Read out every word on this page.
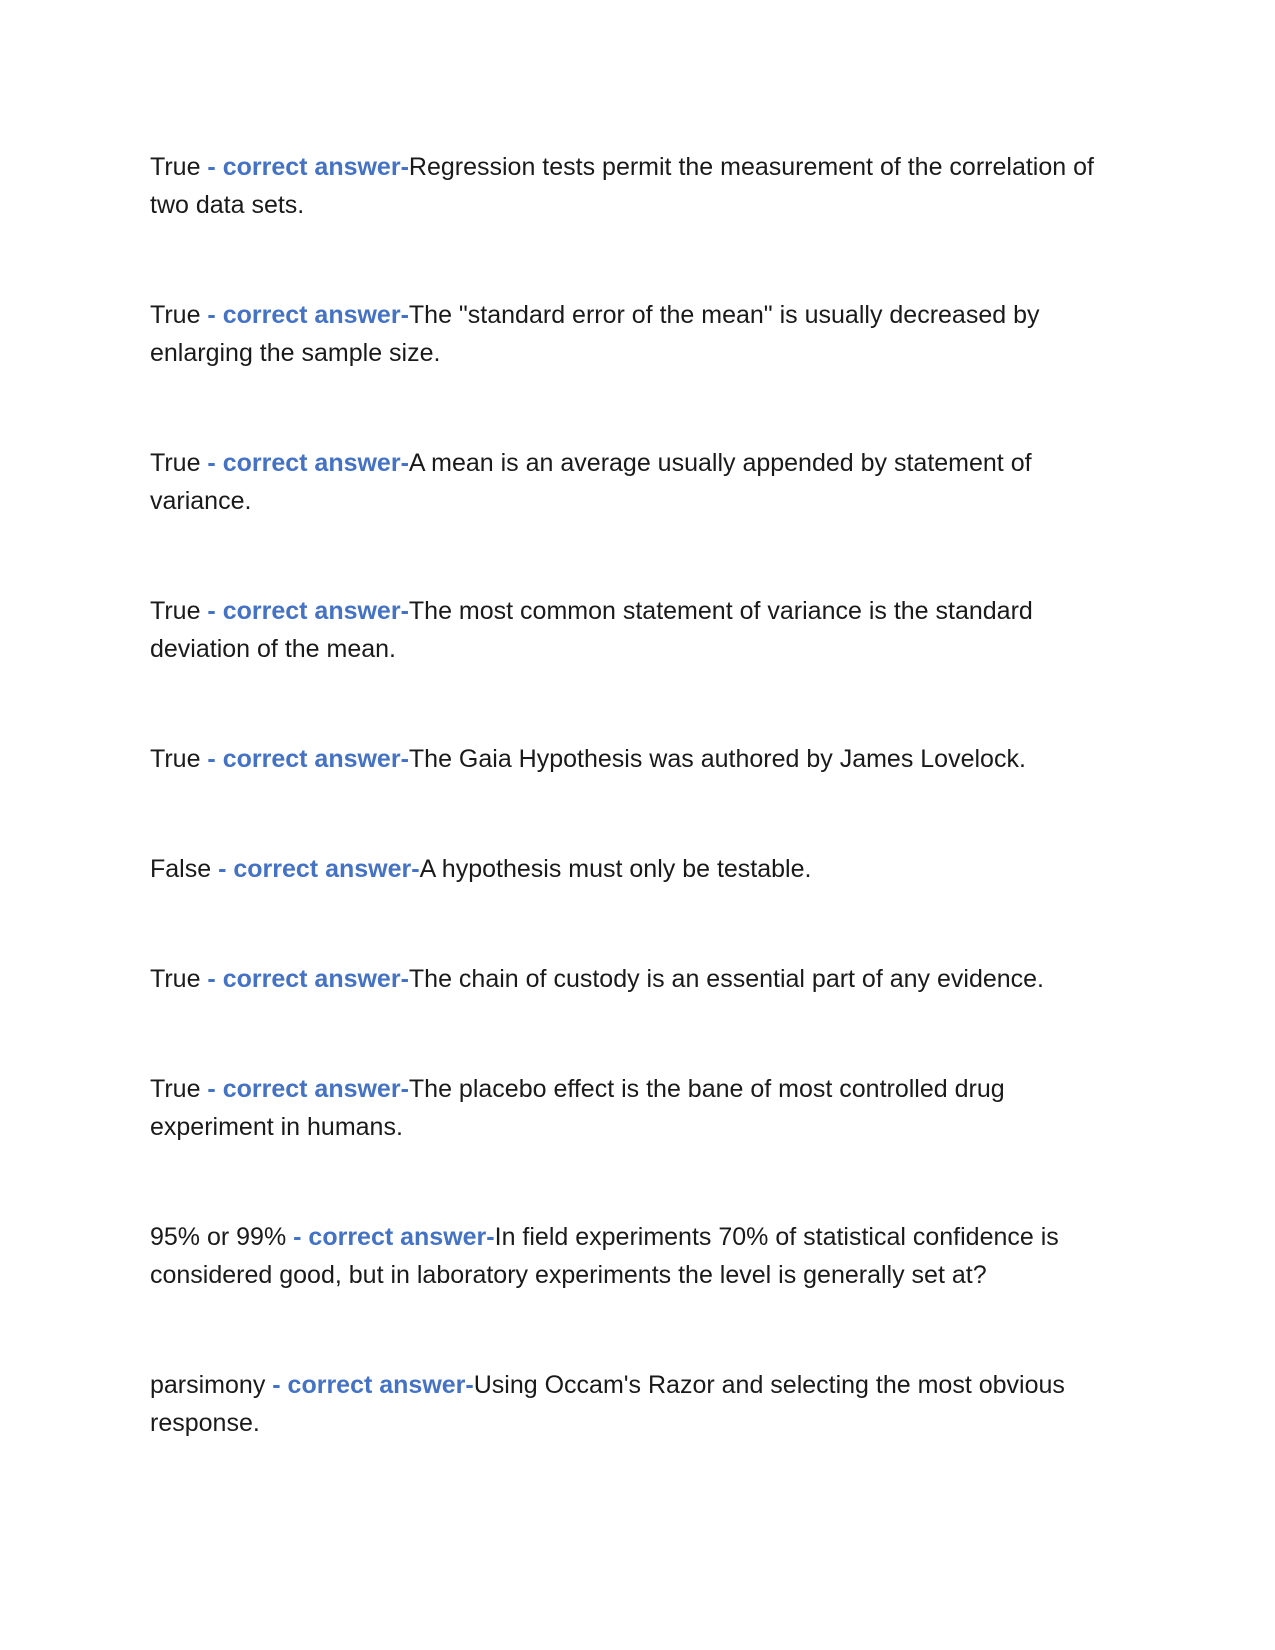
True - correct answer-Regression tests permit the measurement of the correlation of two data sets.
True - correct answer-The "standard error of the mean" is usually decreased by enlarging the sample size.
True - correct answer-A mean is an average usually appended by statement of variance.
True - correct answer-The most common statement of variance is the standard deviation of the mean.
True - correct answer-The Gaia Hypothesis was authored by James Lovelock.
False - correct answer-A hypothesis must only be testable.
True - correct answer-The chain of custody is an essential part of any evidence.
True - correct answer-The placebo effect is the bane of most controlled drug experiment in humans.
95% or 99% - correct answer-In field experiments 70% of statistical confidence is considered good, but in laboratory experiments the level is generally set at?
parsimony - correct answer-Using Occam's Razor and selecting the most obvious response.
